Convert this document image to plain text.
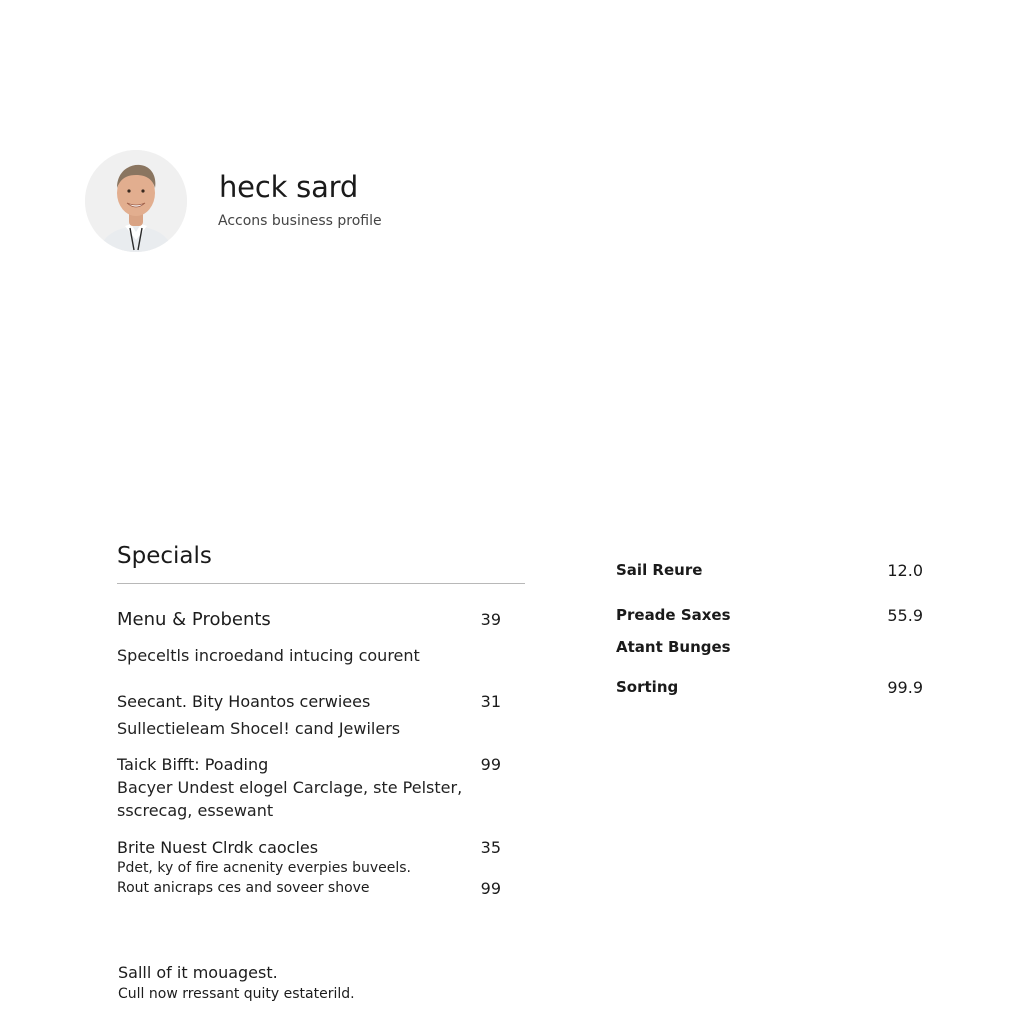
heck sard
Accons business profile
Specials
Menu & Probents	39
Speceltls incroedand intucing courent
Seecant. Bity Hoantos cerwiees	31
Sullectieleam Shocel! cand Jewilers
Taick Bifft: Poading	99
Bacyer Undest elogel Carclage, ste Pelster,
sscreсag, essewant
Brite Nuest Clrdk caocles	35
Pdet, ky of fire acnenity everpies buveels.
Rout anicraps ces and soveer shove	99
Sail Reure	12.0
Preade Saxes	55.9
Atant Bunges
Sorting	99.9
Salll of it mouagest.
Cull now rressant quity estaterild.
